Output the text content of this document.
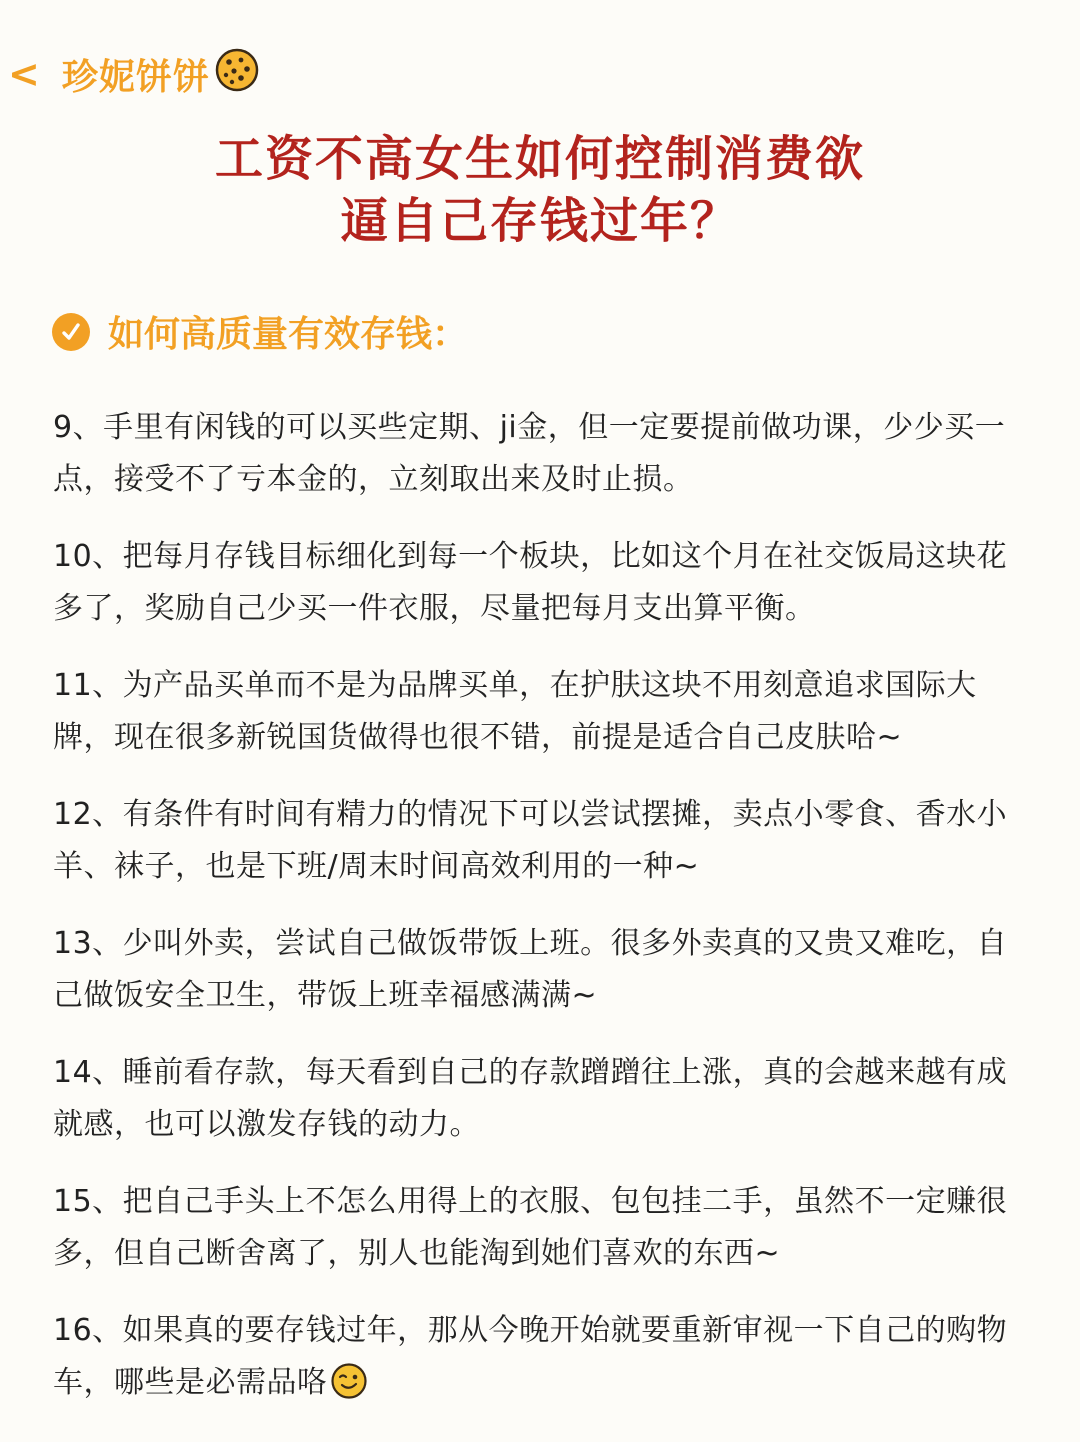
< 珍妮饼饼
工资不高女生如何控制消费欲
逼自己存钱过年？
如何高质量有效存钱：

9、手里有闲钱的可以买些定期、ji金，但一定要提前做功课，少少买一点，接受不了亏本金的，立刻取出来及时止损。

10、把每月存钱目标细化到每一个板块，比如这个月在社交饭局这块花多了，奖励自己少买一件衣服，尽量把每月支出算平衡。

11、为产品买单而不是为品牌买单，在护肤这块不用刻意追求国际大牌，现在很多新锐国货做得也很不错，前提是适合自己皮肤哈~

12、有条件有时间有精力的情况下可以尝试摆摊，卖点小零食、香水小羊、袜子，也是下班/周末时间高效利用的一种~

13、少叫外卖，尝试自己做饭带饭上班。很多外卖真的又贵又难吃，自己做饭安全卫生，带饭上班幸福感满满~

14、睡前看存款，每天看到自己的存款蹭蹭往上涨，真的会越来越有成就感，也可以激发存钱的动力。

15、把自己手头上不怎么用得上的衣服、包包挂二手，虽然不一定赚很多，但自己断舍离了，别人也能淘到她们喜欢的东西~

16、如果真的要存钱过年，那从今晚开始就要重新审视一下自己的购物车，哪些是必需品咯
